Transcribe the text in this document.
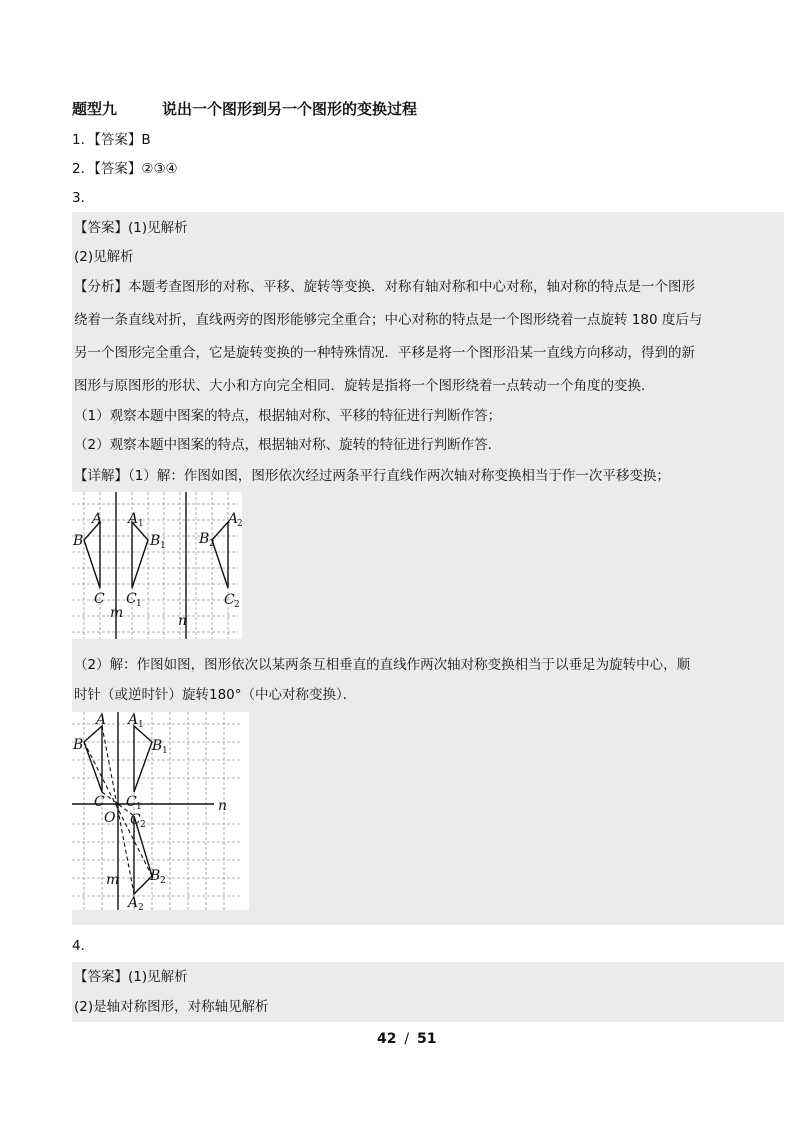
题型九	说出一个图形到另一个图形的变换过程
1．【答案】B
2．【答案】②③④
3．
【答案】(1)见解析
(2)见解析
【分析】本题考查图形的对称、平移、旋转等变换．对称有轴对称和中心对称，轴对称的特点是一个图形
绕着一条直线对折，直线两旁的图形能够完全重合；中心对称的特点是一个图形绕着一点旋转 180 度后与
另一个图形完全重合，它是旋转变换的一种特殊情况．平移是将一个图形沿某一直线方向移动，得到的新
图形与原图形的形状、大小和方向完全相同．旋转是指将一个图形绕着一点转动一个角度的变换．
（1）观察本题中图案的特点，根据轴对称、平移的特征进行判断作答；
（2）观察本题中图案的特点，根据轴对称、旋转的特征进行判断作答．
【详解】（1）解：作图如图，图形依次经过两条平行直线作两次轴对称变换相当于作一次平移变换；
A
B
C
A 1
B 1
C 1
A
2
B 2
C 2
m	n
（2）解：作图如图，图形依次以某两条互相垂直的直线作两次轴对称变换相当于以垂足为旋转中心，顺
时针（或逆时针）旋转180°（中心对称变换）．
A
B
C
A 1
B 1
C 1
O C 2
B 2
A 2
m
n
4．
【答案】(1)见解析
(2)是轴对称图形，对称轴见解析
42 / 51
